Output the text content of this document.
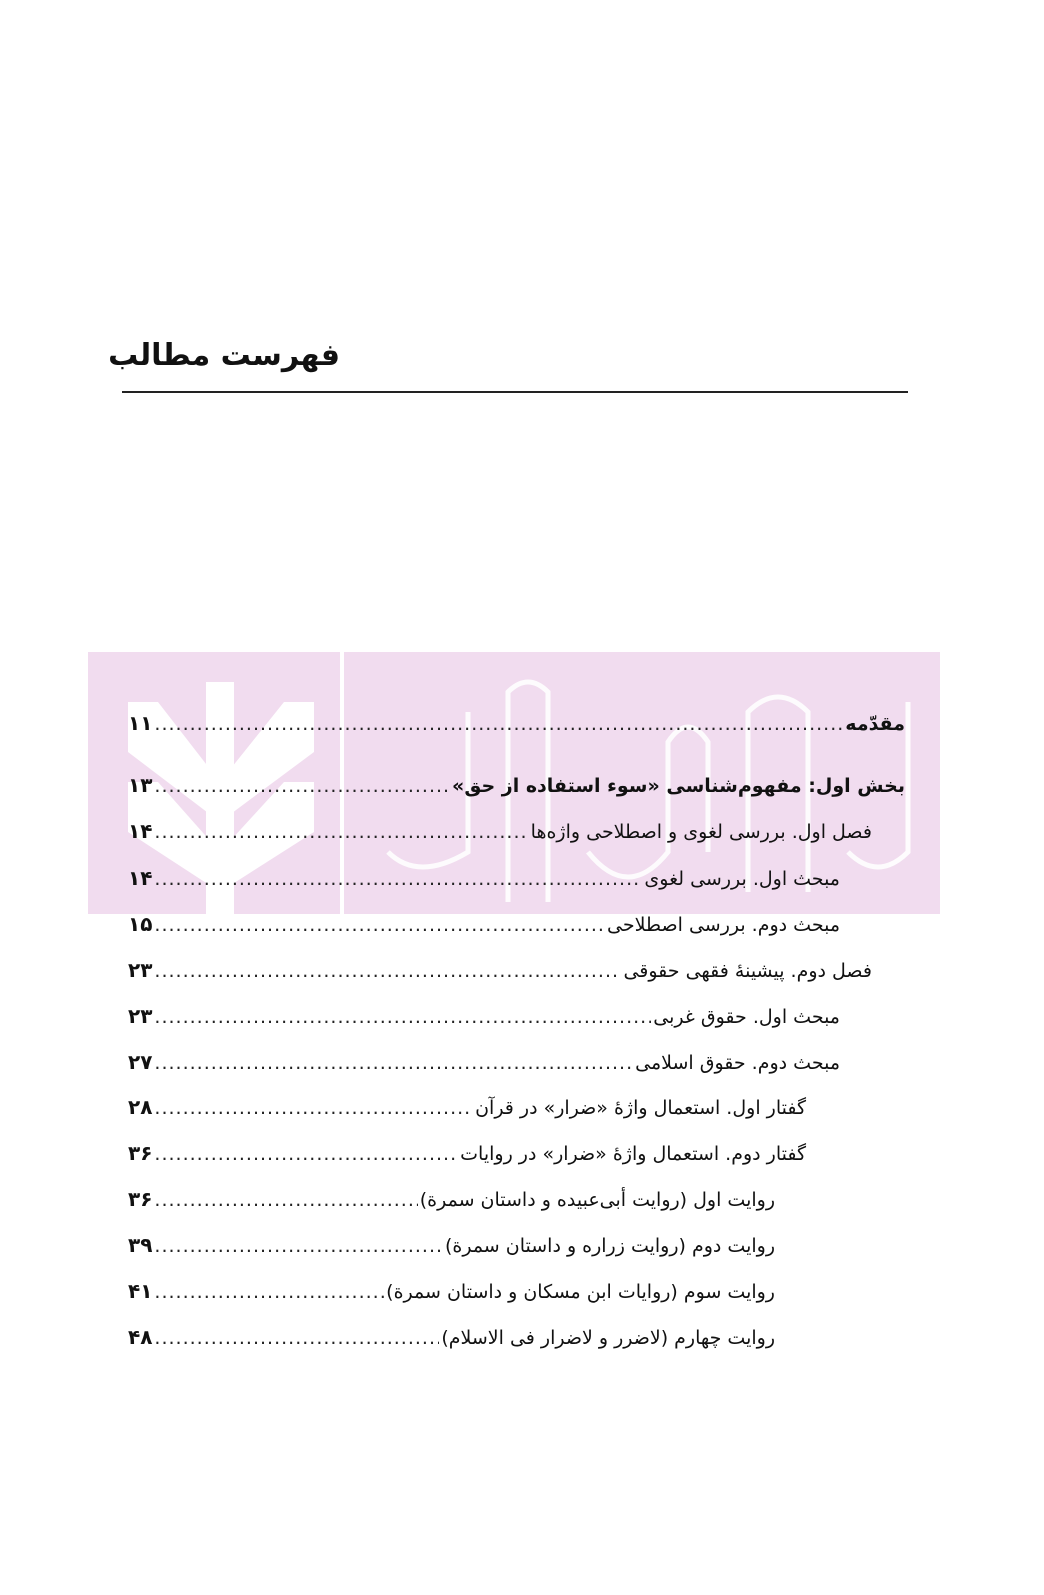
فهرست مطالب
مقدّمه
.....
۱۱
بخش اول: مفهوم‌شناسی «سوء استفاده از حق»
.....
۱۳
فصل اول. بررسی لغوی و اصطلاحی واژه‌ها
.....
۱۴
مبحث اول. بررسی لغوی
.....
۱۴
مبحث دوم. بررسی اصطلاحی
.....
۱۵
فصل دوم. پیشینهٔ فقهی حقوقی
.....
۲۳
مبحث اول. حقوق غربی
.....
۲۳
مبحث دوم. حقوق اسلامی
.....
۲۷
گفتار اول. استعمال واژهٔ «ضرار» در قرآن
.....
۲۸
گفتار دوم. استعمال واژهٔ «ضرار» در روایات
.....
۳۶
روایت اول (روایت أبی‌عبیده و داستان سمرة)
.....
۳۶
روایت دوم (روایت زراره و داستان سمرة)
.....
۳۹
روایت سوم (روایات ابن مسکان و داستان سمرة)
.....
۴۱
روایت چهارم (لاضرر و لاضرار فی الاسلام)
.....
۴۸
